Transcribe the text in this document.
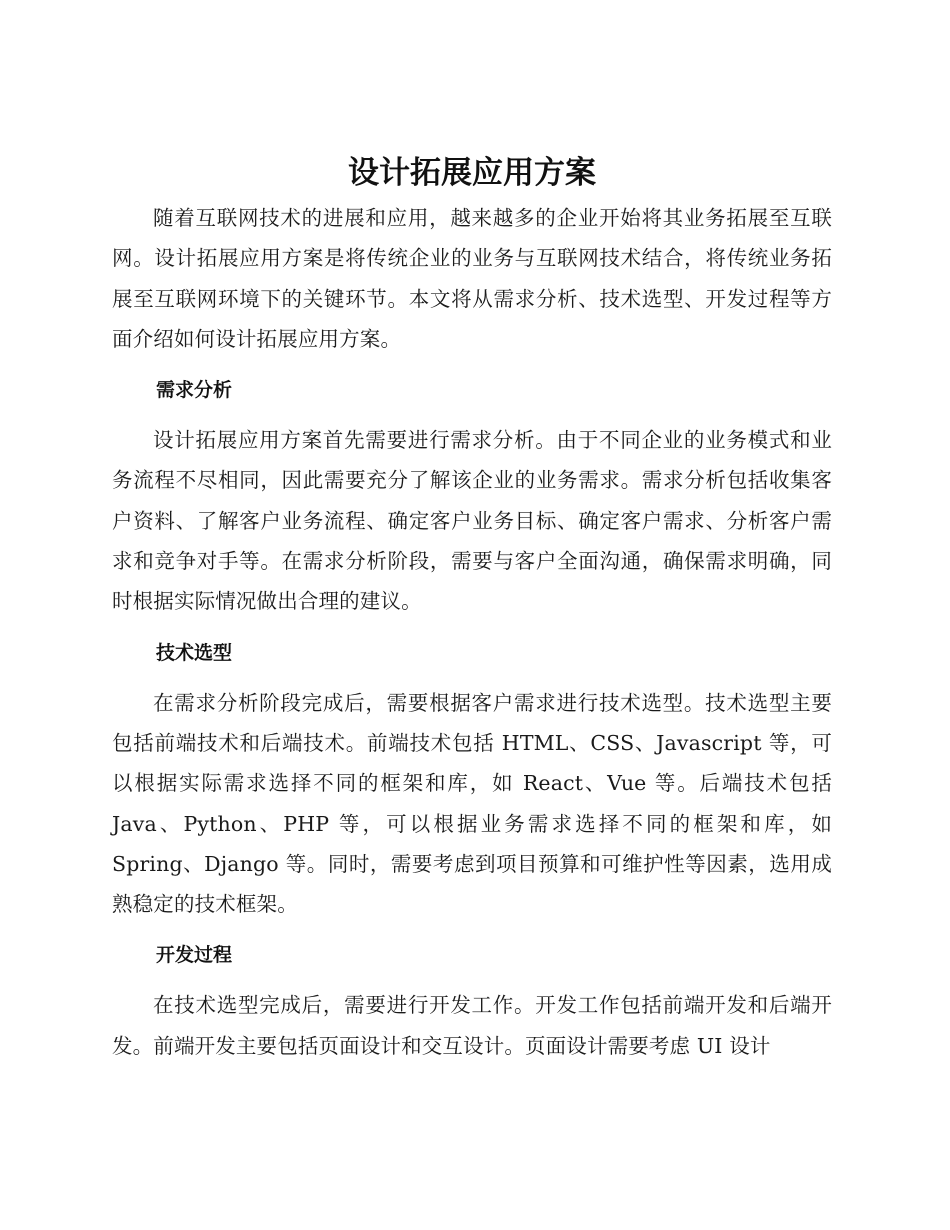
设计拓展应用方案

随着互联网技术的进展和应用，越来越多的企业开始将其业务拓展至互联网。设计拓展应用方案是将传统企业的业务与互联网技术结合，将传统业务拓展至互联网环境下的关键环节。本文将从需求分析、技术选型、开发过程等方面介绍如何设计拓展应用方案。

需求分析

设计拓展应用方案首先需要进行需求分析。由于不同企业的业务模式和业务流程不尽相同，因此需要充分了解该企业的业务需求。需求分析包括收集客户资料、了解客户业务流程、确定客户业务目标、确定客户需求、分析客户需求和竞争对手等。在需求分析阶段，需要与客户全面沟通，确保需求明确，同时根据实际情况做出合理的建议。

技术选型

在需求分析阶段完成后，需要根据客户需求进行技术选型。技术选型主要包括前端技术和后端技术。前端技术包括 HTML、CSS、Javascript 等，可以根据实际需求选择不同的框架和库，如 React、Vue 等。后端技术包括 Java、Python、PHP 等，可以根据业务需求选择不同的框架和库，如 Spring、Django 等。同时，需要考虑到项目预算和可维护性等因素，选用成熟稳定的技术框架。

开发过程

在技术选型完成后，需要进行开发工作。开发工作包括前端开发和后端开发。前端开发主要包括页面设计和交互设计。页面设计需要考虑 UI 设计
